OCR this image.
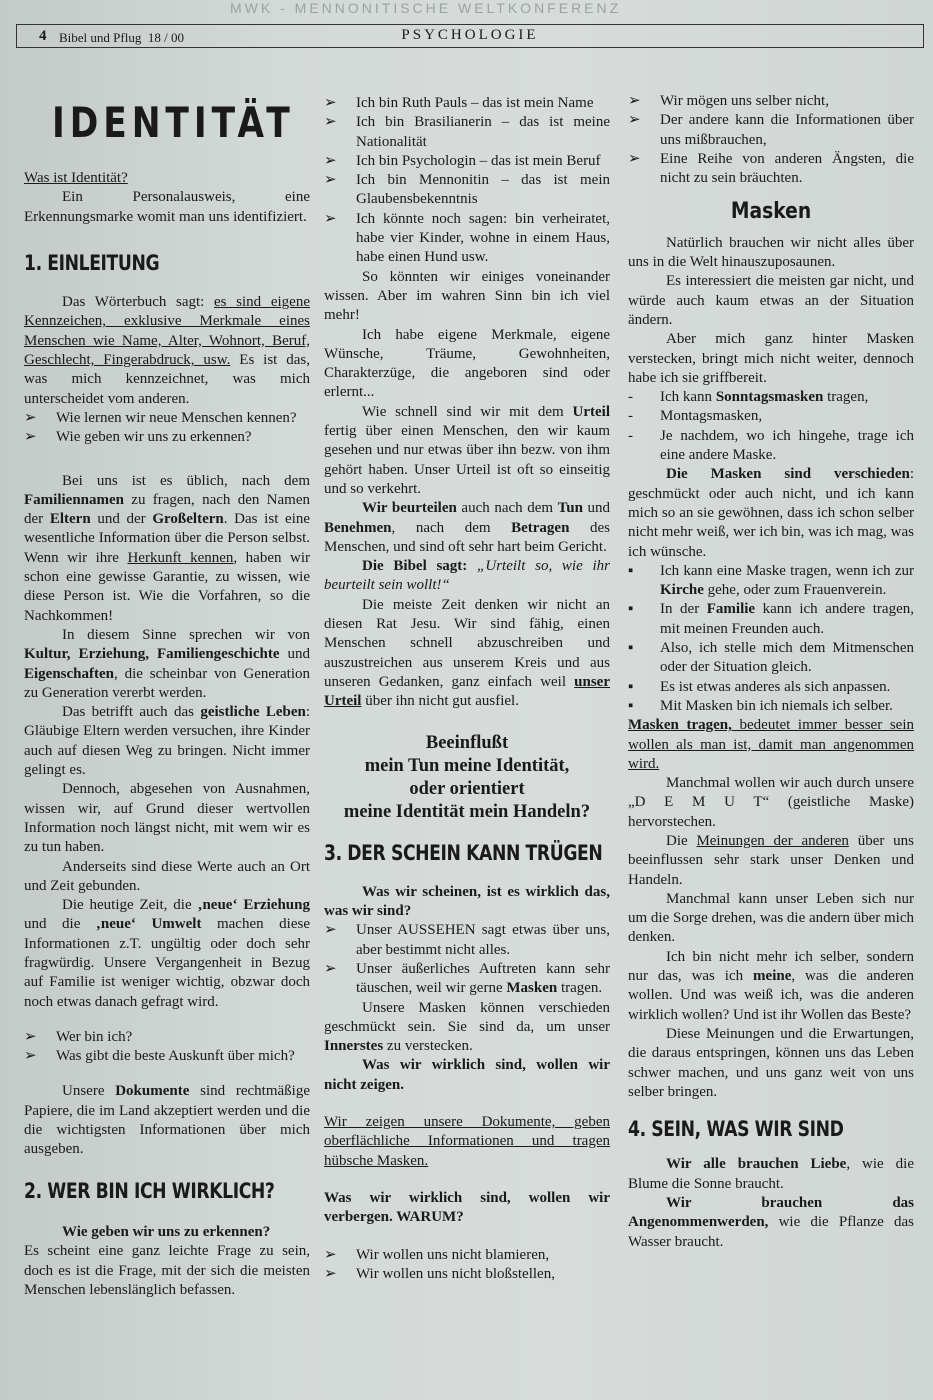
MWK - MENNONITISCHE WELTKONFERENZ
4 Bibel und Pflug 18 / 00	PSYCHOLOGIE
IDENTITÄT

Was ist Identität?

Ein Personalausweis, eine Erkennungsmarke womit man uns identifiziert.

1. EINLEITUNG

Das Wörterbuch sagt: es sind eigene Kennzeichen, exklusive Merkmale eines Menschen wie Name, Alter, Wohnort, Beruf, Geschlecht, Fingerabdruck, usw. Es ist das, was mich kennzeichnet, was mich unterscheidet vom anderen.

➢	Wie lernen wir neue Menschen kennen?
➢	Wie geben wir uns zu erkennen?

Bei uns ist es üblich, nach dem Familiennamen zu fragen, nach den Namen der Eltern und der Großeltern. Das ist eine wesentliche Information über die Person selbst. Wenn wir ihre Herkunft kennen, haben wir schon eine gewisse Garantie, zu wissen, wie diese Person ist. Wie die Vorfahren, so die Nachkommen!

In diesem Sinne sprechen wir von Kultur, Erziehung, Familiengeschichte und Eigenschaften, die scheinbar von Generation zu Generation vererbt werden.

Das betrifft auch das geistliche Leben: Gläubige Eltern werden versuchen, ihre Kinder auch auf diesen Weg zu bringen. Nicht immer gelingt es.

Dennoch, abgesehen von Ausnahmen, wissen wir, auf Grund dieser wertvollen Information noch längst nicht, mit wem wir es zu tun haben.

Anderseits sind diese Werte auch an Ort und Zeit gebunden.

Die heutige Zeit, die ‚neue‘ Erziehung und die ‚neue‘ Umwelt machen diese Informationen z.T. ungültig oder doch sehr fragwürdig. Unsere Vergangenheit in Bezug auf Familie ist weniger wichtig, obzwar doch noch etwas danach gefragt wird.

➢	Wer bin ich?
➢	Was gibt die beste Auskunft über mich?

Unsere Dokumente sind rechtmäßige Papiere, die im Land akzeptiert werden und die die wichtigsten Informationen über mich ausgeben.

2. WER BIN ICH WIRKLICH?

Wie geben wir uns zu erkennen?

Es scheint eine ganz leichte Frage zu sein, doch es ist die Frage, mit der sich die meisten Menschen lebenslänglich befassen.

➢	Ich bin Ruth Pauls – das ist mein Name
➢	Ich bin Brasilianerin – das ist meine Nationalität
➢	Ich bin Psychologin – das ist mein Beruf
➢	Ich bin Mennonitin – das ist mein Glaubensbekenntnis
➢	Ich könnte noch sagen: bin verheiratet, habe vier Kinder, wohne in einem Haus, habe einen Hund usw.

So könnten wir einiges voneinander wissen. Aber im wahren Sinn bin ich viel mehr!

Ich habe eigene Merkmale, eigene Wünsche, Träume, Gewohnheiten, Charakterzüge, die angeboren sind oder erlernt...

Wie schnell sind wir mit dem Urteil fertig über einen Menschen, den wir kaum gesehen und nur etwas über ihn bezw. von ihm gehört haben. Unser Urteil ist oft so einseitig und so verkehrt.

Wir beurteilen auch nach dem Tun und Benehmen, nach dem Betragen des Menschen, und sind oft sehr hart beim Gericht.

Die Bibel sagt: „Urteilt so, wie ihr beurteilt sein wollt!“

Die meiste Zeit denken wir nicht an diesen Rat Jesu. Wir sind fähig, einen Menschen schnell abzuschreiben und auszustreichen aus unserem Kreis und aus unseren Gedanken, ganz einfach weil unser Urteil über ihn nicht gut ausfiel.

Beeinflußt
mein Tun meine Identität,
oder orientiert
meine Identität mein Handeln?
3. DER SCHEIN KANN TRÜGEN

Was wir scheinen, ist es wirklich das, was wir sind?

➢	Unser AUSSEHEN sagt etwas über uns, aber bestimmt nicht alles.
➢	Unser äußerliches Auftreten kann sehr täuschen, weil wir gerne Masken tragen.

Unsere Masken können verschieden geschmückt sein. Sie sind da, um unser Innerstes zu verstecken.

Was wir wirklich sind, wollen wir nicht zeigen.

Wir zeigen unsere Dokumente, geben oberflächliche Informationen und tragen hübsche Masken.

Was wir wirklich sind, wollen wir verbergen. WARUM?

➢	Wir wollen uns nicht blamieren,
➢	Wir wollen uns nicht bloßstellen,
➢	Wir mögen uns selber nicht,
➢	Der andere kann die Informationen über uns mißbrauchen,
➢	Eine Reihe von anderen Ängsten, die nicht zu sein bräuchten.
Masken

Natürlich brauchen wir nicht alles über uns in die Welt hinauszuposaunen.

Es interessiert die meisten gar nicht, und würde auch kaum etwas an der Situation ändern.

Aber mich ganz hinter Masken verstecken, bringt mich nicht weiter, dennoch habe ich sie griffbereit.

-	Ich kann Sonntagsmasken tragen,
-	Montagsmasken,
-	Je nachdem, wo ich hingehe, trage ich eine andere Maske.

Die Masken sind verschieden: geschmückt oder auch nicht, und ich kann mich so an sie gewöhnen, dass ich schon selber nicht mehr weiß, wer ich bin, was ich mag, was ich wünsche.

▪	Ich kann eine Maske tragen, wenn ich zur Kirche gehe, oder zum Frauenverein.
▪	In der Familie kann ich andere tragen, mit meinen Freunden auch.
▪	Also, ich stelle mich dem Mitmenschen oder der Situation gleich.
▪	Es ist etwas anderes als sich anpassen.
▪	Mit Masken bin ich niemals ich selber.

Masken tragen, bedeutet immer besser sein wollen als man ist, damit man angenommen wird.

Manchmal wollen wir auch durch unsere „D E M U T“ (geistliche Maske) hervorstechen.

Die Meinungen der anderen über uns beeinflussen sehr stark unser Denken und Handeln.

Manchmal kann unser Leben sich nur um die Sorge drehen, was die andern über mich denken.

Ich bin nicht mehr ich selber, sondern nur das, was ich meine, was die anderen wollen. Und was weiß ich, was die anderen wirklich wollen? Und ist ihr Wollen das Beste?

Diese Meinungen und die Erwartungen, die daraus entspringen, können uns das Leben schwer machen, und uns ganz weit von uns selber bringen.

4. SEIN, WAS WIR SIND

Wir alle brauchen Liebe, wie die Blume die Sonne braucht.

Wir brauchen das Angenommenwerden, wie die Pflanze das Wasser braucht.
